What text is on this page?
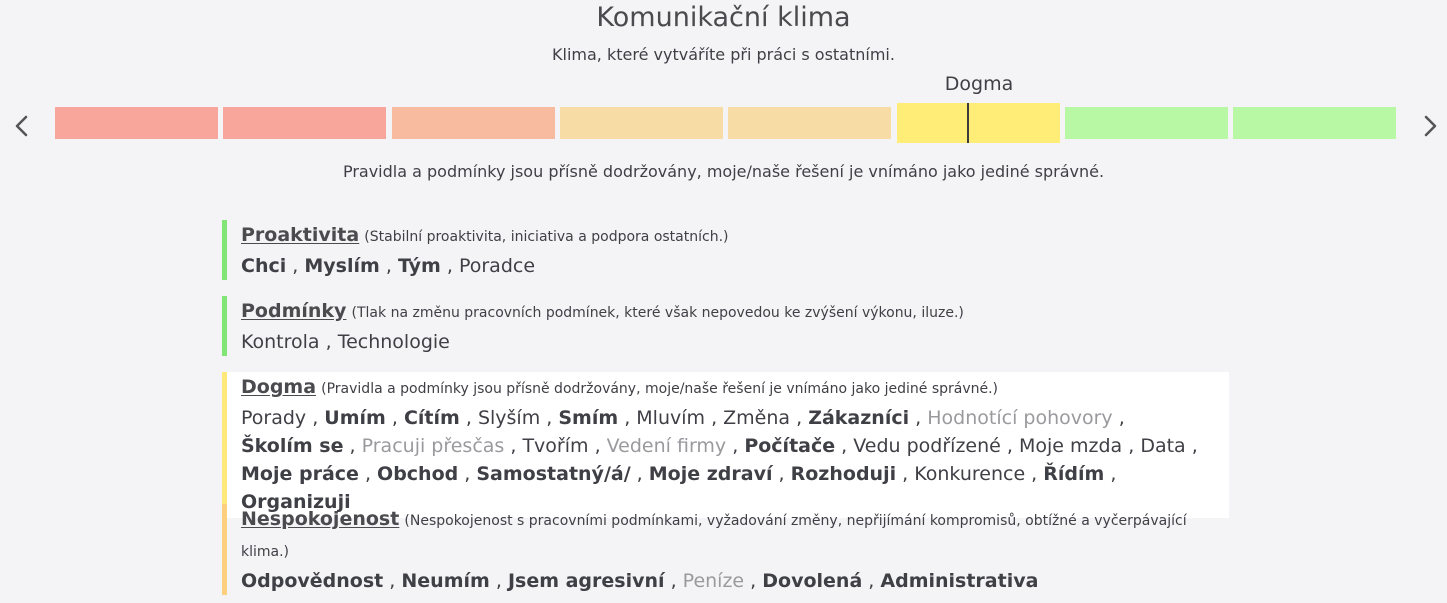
Komunikační klima
Klima, které vytváříte při práci s ostatními.
Dogma
Pravidla a podmínky jsou přísně dodržovány, moje/naše řešení je vnímáno jako jediné správné.
Proaktivita (Stabilní proaktivita, iniciativa a podpora ostatních.)
Chci , Myslím , Tým , Poradce
Podmínky (Tlak na změnu pracovních podmínek, které však nepovedou ke zvýšení výkonu, iluze.)
Kontrola , Technologie
Dogma (Pravidla a podmínky jsou přísně dodržovány, moje/naše řešení je vnímáno jako jediné správné.)
Porady , Umím , Cítím , Slyším , Smím , Mluvím , Změna , Zákazníci , Hodnotící pohovory , Školím se , Pracuji přesčas , Tvořím , Vedení firmy , Počítače , Vedu podřízené , Moje mzda , Data , Moje práce , Obchod , Samostatný/á/ , Moje zdraví , Rozhoduji , Konkurence , Řídím , Organizuji
Nespokojenost (Nespokojenost s pracovními podmínkami, vyžadování změny, nepřijímání kompromisů, obtížné a vyčerpávající klima.)
Odpovědnost , Neumím , Jsem agresivní , Peníze , Dovolená , Administrativa
